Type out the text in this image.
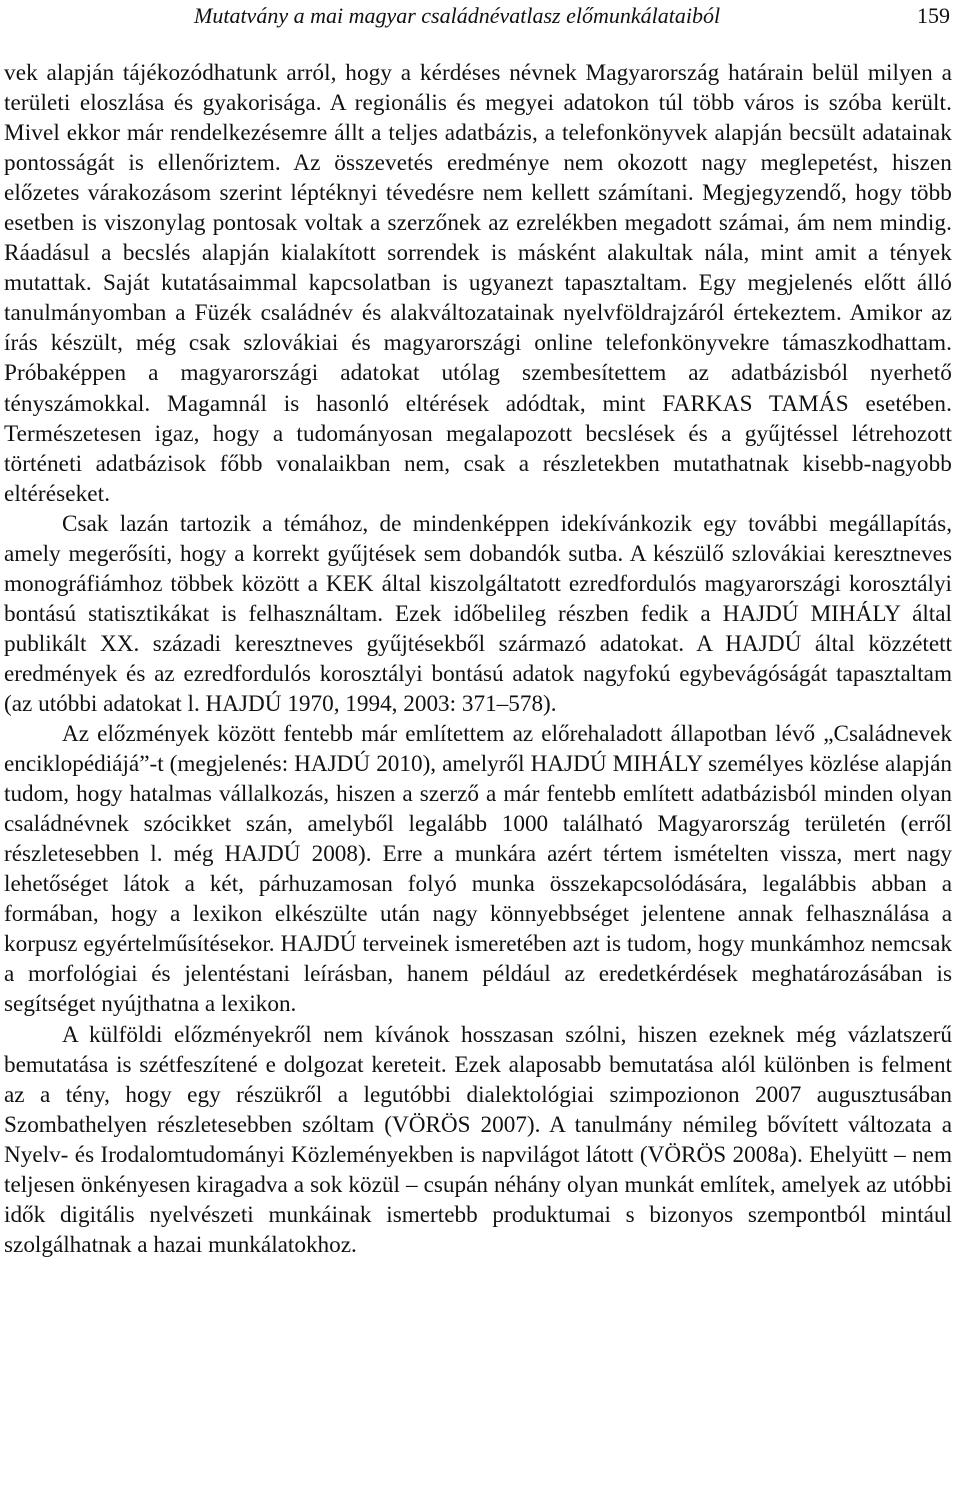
Mutatvány a mai magyar családnévatlasz előmunkálataiból	159

vek alapján tájékozódhatunk arról, hogy a kérdéses névnek Magyarország határain belül milyen a területi eloszlása és gyakorisága. A regionális és megyei adatokon túl több város is szóba került. Mivel ekkor már rendelkezésemre állt a teljes adatbázis, a telefonkönyvek alapján becsült adatainak pontosságát is ellenőriztem. Az összevetés eredménye nem okozott nagy meglepetést, hiszen előzetes várakozásom szerint léptéknyi tévedésre nem kellett számítani. Megjegyzendő, hogy több esetben is viszonylag pontosak voltak a szerzőnek az ezrelékben megadott számai, ám nem mindig. Ráadásul a becslés alapján kialakított sorrendek is másként alakultak nála, mint amit a tények mutattak. Saját kutatásaimmal kapcsolatban is ugyanezt tapasztaltam. Egy megjelenés előtt álló tanulmányomban a Füzék családnév és alakváltozatainak nyelvföldrajzáról értekeztem. Amikor az írás készült, még csak szlovákiai és magyarországi online telefonkönyvekre támaszkodhattam. Próbaképpen a magyarországi adatokat utólag szembesítettem az adatbázisból nyerhető tényszámokkal. Magamnál is hasonló eltérések adódtak, mint FARKAS TAMÁS esetében. Természetesen igaz, hogy a tudományosan megalapozott becslések és a gyűjtéssel létrehozott történeti adatbázisok főbb vonalaikban nem, csak a részletekben mutathatnak kisebb-nagyobb eltéréseket.

Csak lazán tartozik a témához, de mindenképpen idekívánkozik egy további megállapítás, amely megerősíti, hogy a korrekt gyűjtések sem dobandók sutba. A készülő szlovákiai keresztneves monográfiámhoz többek között a KEK által kiszolgáltatott ezredfordulós magyarországi korosztályi bontású statisztikákat is felhasználtam. Ezek időbelileg részben fedik a HAJDÚ MIHÁLY által publikált XX. századi keresztneves gyűjtésekből származó adatokat. A HAJDÚ által közzétett eredmények és az ezredfordulós korosztályi bontású adatok nagyfokú egybevágóságát tapasztaltam (az utóbbi adatokat l. HAJDÚ 1970, 1994, 2003: 371–578).

Az előzmények között fentebb már említettem az előrehaladott állapotban lévő „Családnevek enciklopédiájá”-t (megjelenés: HAJDÚ 2010), amelyről HAJDÚ MIHÁLY személyes közlése alapján tudom, hogy hatalmas vállalkozás, hiszen a szerző a már fentebb említett adatbázisból minden olyan családnévnek szócikket szán, amelyből legalább 1000 található Magyarország területén (erről részletesebben l. még HAJDÚ 2008). Erre a munkára azért tértem ismételten vissza, mert nagy lehetőséget látok a két, párhuzamosan folyó munka összekapcsolódására, legalábbis abban a formában, hogy a lexikon elkészülte után nagy könnyebbséget jelentene annak felhasználása a korpusz egyértelműsítésekor. HAJDÚ terveinek ismeretében azt is tudom, hogy munkámhoz nemcsak a morfológiai és jelentéstani leírásban, hanem például az eredetkérdések meghatározásában is segítséget nyújthatna a lexikon.

A külföldi előzményekről nem kívánok hosszasan szólni, hiszen ezeknek még vázlatszerű bemutatása is szétfeszítené e dolgozat kereteit. Ezek alaposabb bemutatása alól különben is felment az a tény, hogy egy részükről a legutóbbi dialektológiai szimpozionon 2007 augusztusában Szombathelyen részletesebben szóltam (VÖRÖS 2007). A tanulmány némileg bővített változata a Nyelv- és Irodalomtudományi Közleményekben is napvilágot látott (VÖRÖS 2008a). Ehelyütt – nem teljesen önkényesen kiragadva a sok közül – csupán néhány olyan munkát említek, amelyek az utóbbi idők digitális nyelvészeti munkáinak ismertebb produktumai s bizonyos szempontból mintául szolgálhatnak a hazai munkálatokhoz.
